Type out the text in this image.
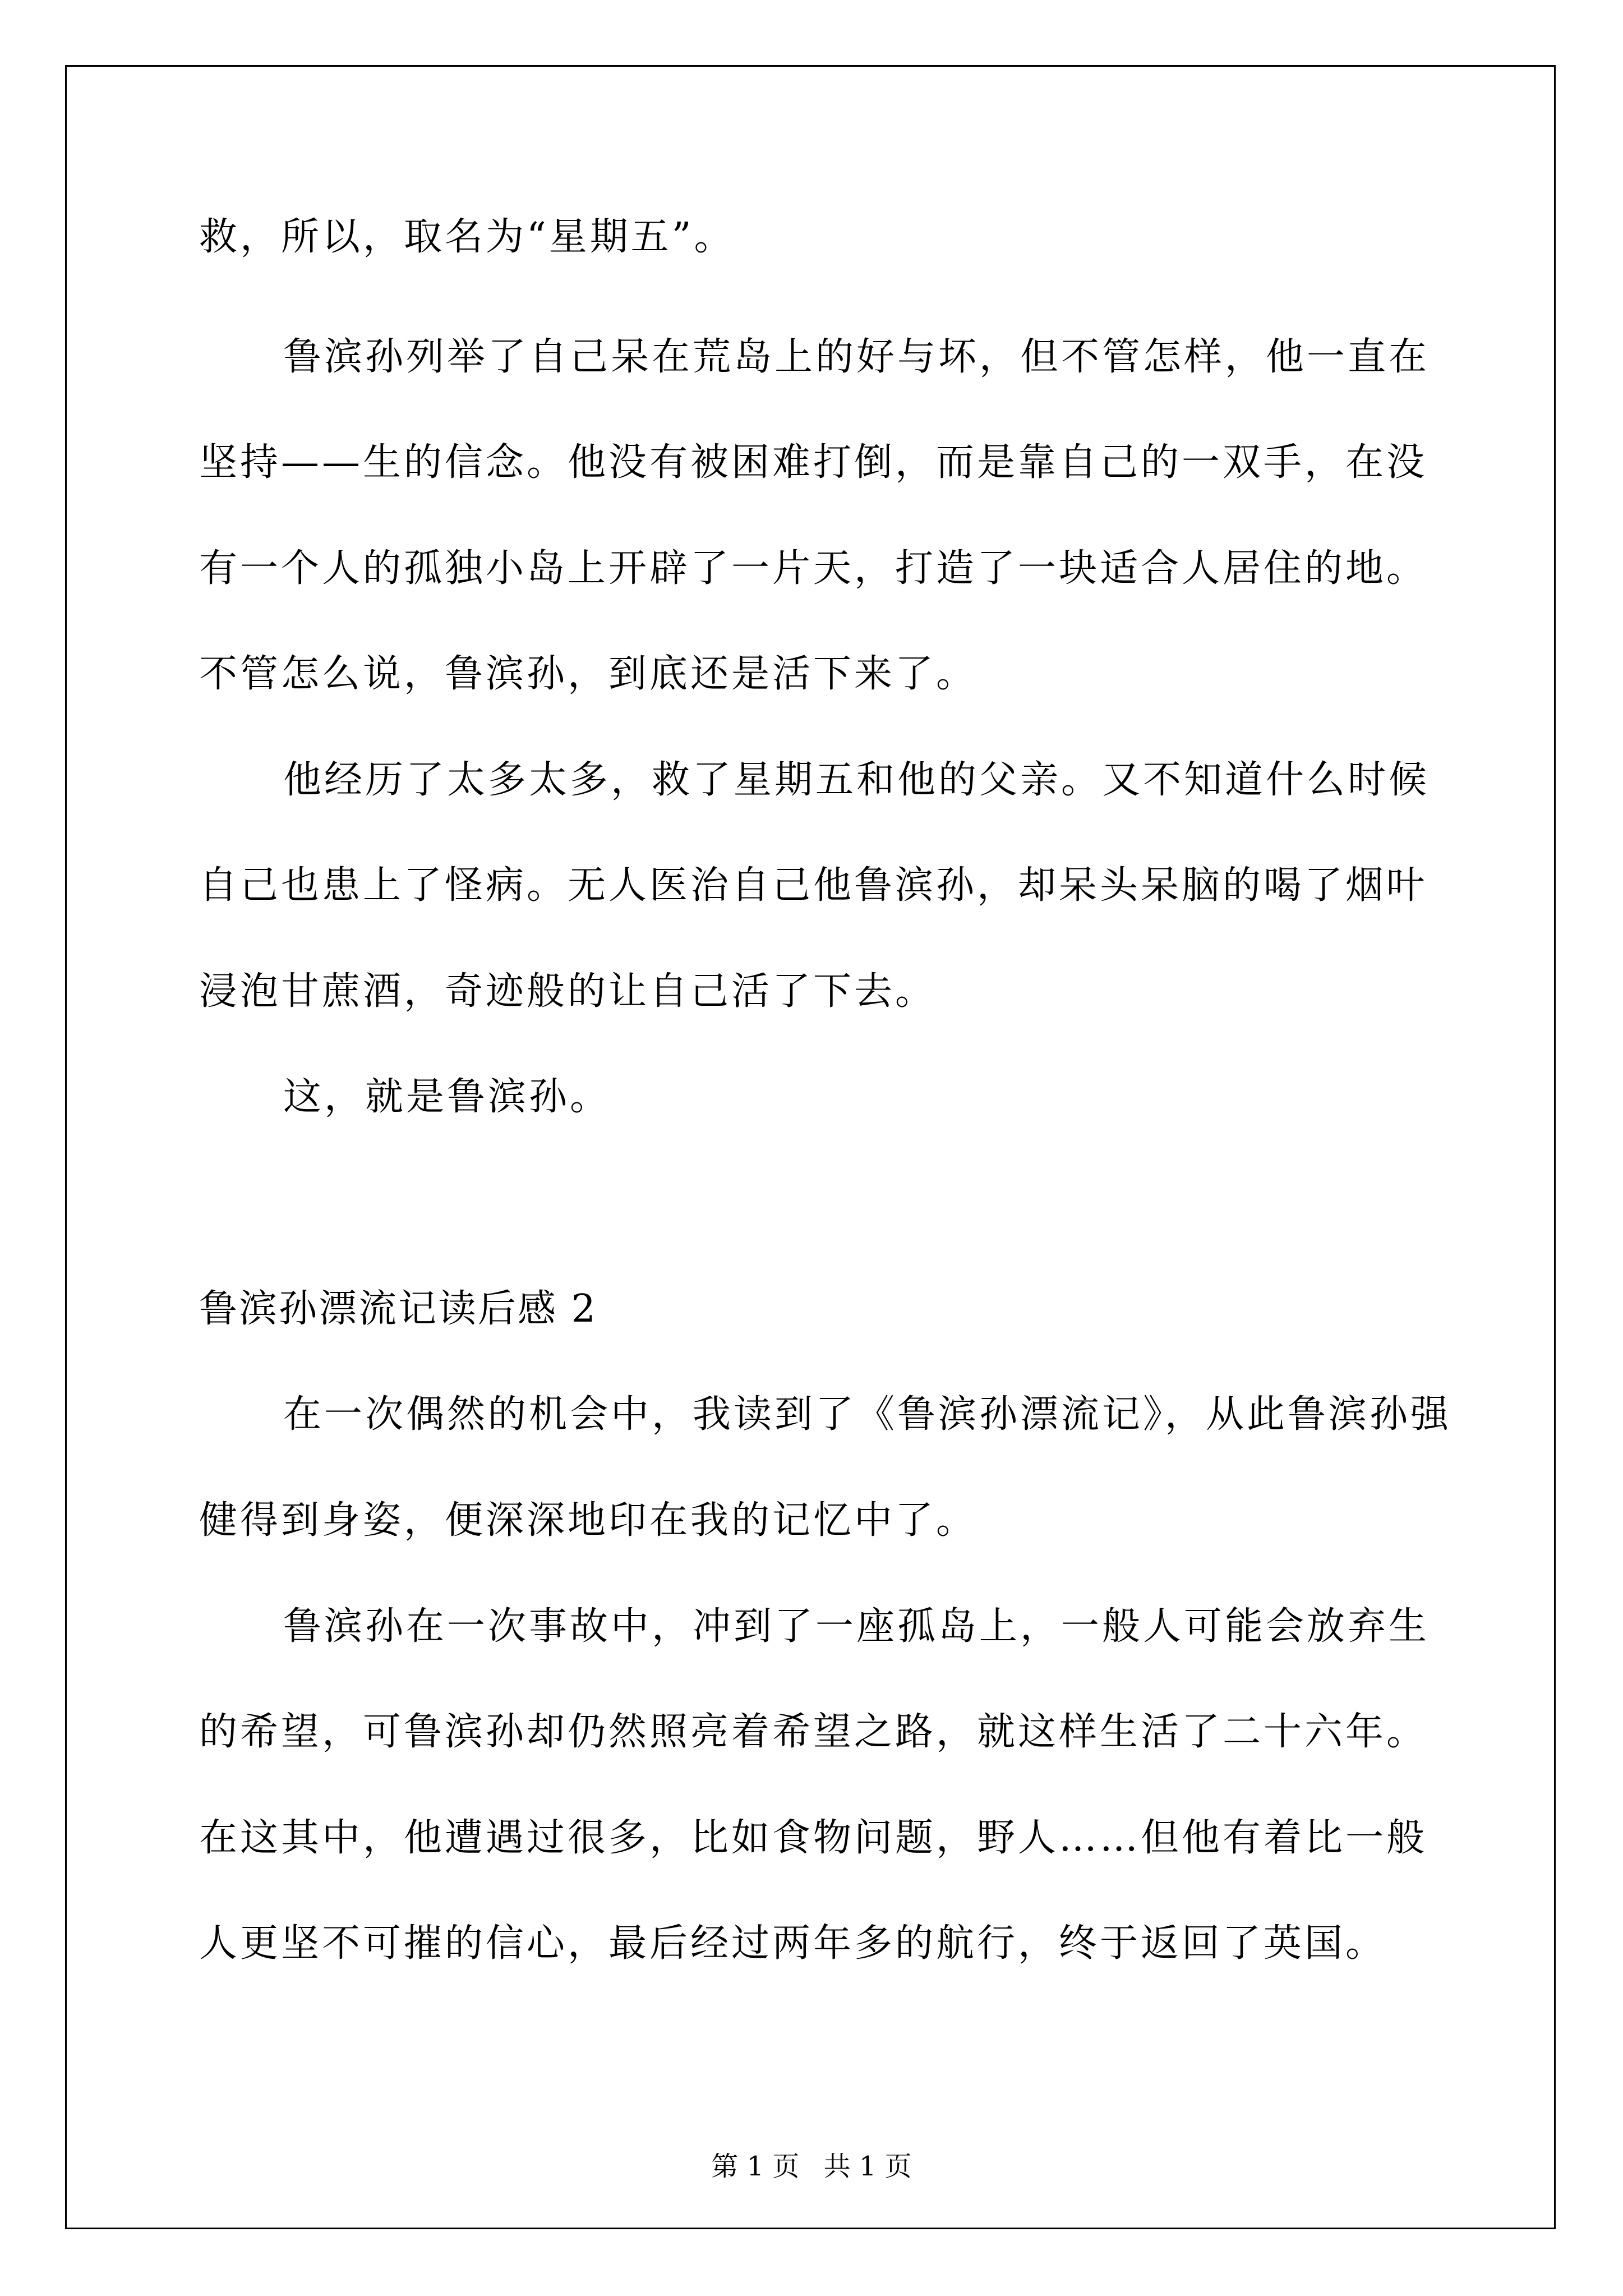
救，所以，取名为“星期五”。
鲁滨孙列举了自己呆在荒岛上的好与坏，但不管怎样，他一直在
坚持——生的信念。他没有被困难打倒，而是靠自己的一双手，在没
有一个人的孤独小岛上开辟了一片天，打造了一块适合人居住的地。
不管怎么说，鲁滨孙，到底还是活下来了。
他经历了太多太多，救了星期五和他的父亲。又不知道什么时候
自己也患上了怪病。无人医治自己他鲁滨孙，却呆头呆脑的喝了烟叶
浸泡甘蔗酒，奇迹般的让自己活了下去。
这，就是鲁滨孙。
鲁滨孙漂流记读后感 2
在一次偶然的机会中，我读到了《鲁滨孙漂流记》，从此鲁滨孙强
健得到身姿，便深深地印在我的记忆中了。
鲁滨孙在一次事故中，冲到了一座孤岛上，一般人可能会放弃生
的希望，可鲁滨孙却仍然照亮着希望之路，就这样生活了二十六年。
在这其中，他遭遇过很多，比如食物问题，野人……但他有着比一般
人更坚不可摧的信心，最后经过两年多的航行，终于返回了英国。
第 1 页 共 1 页
